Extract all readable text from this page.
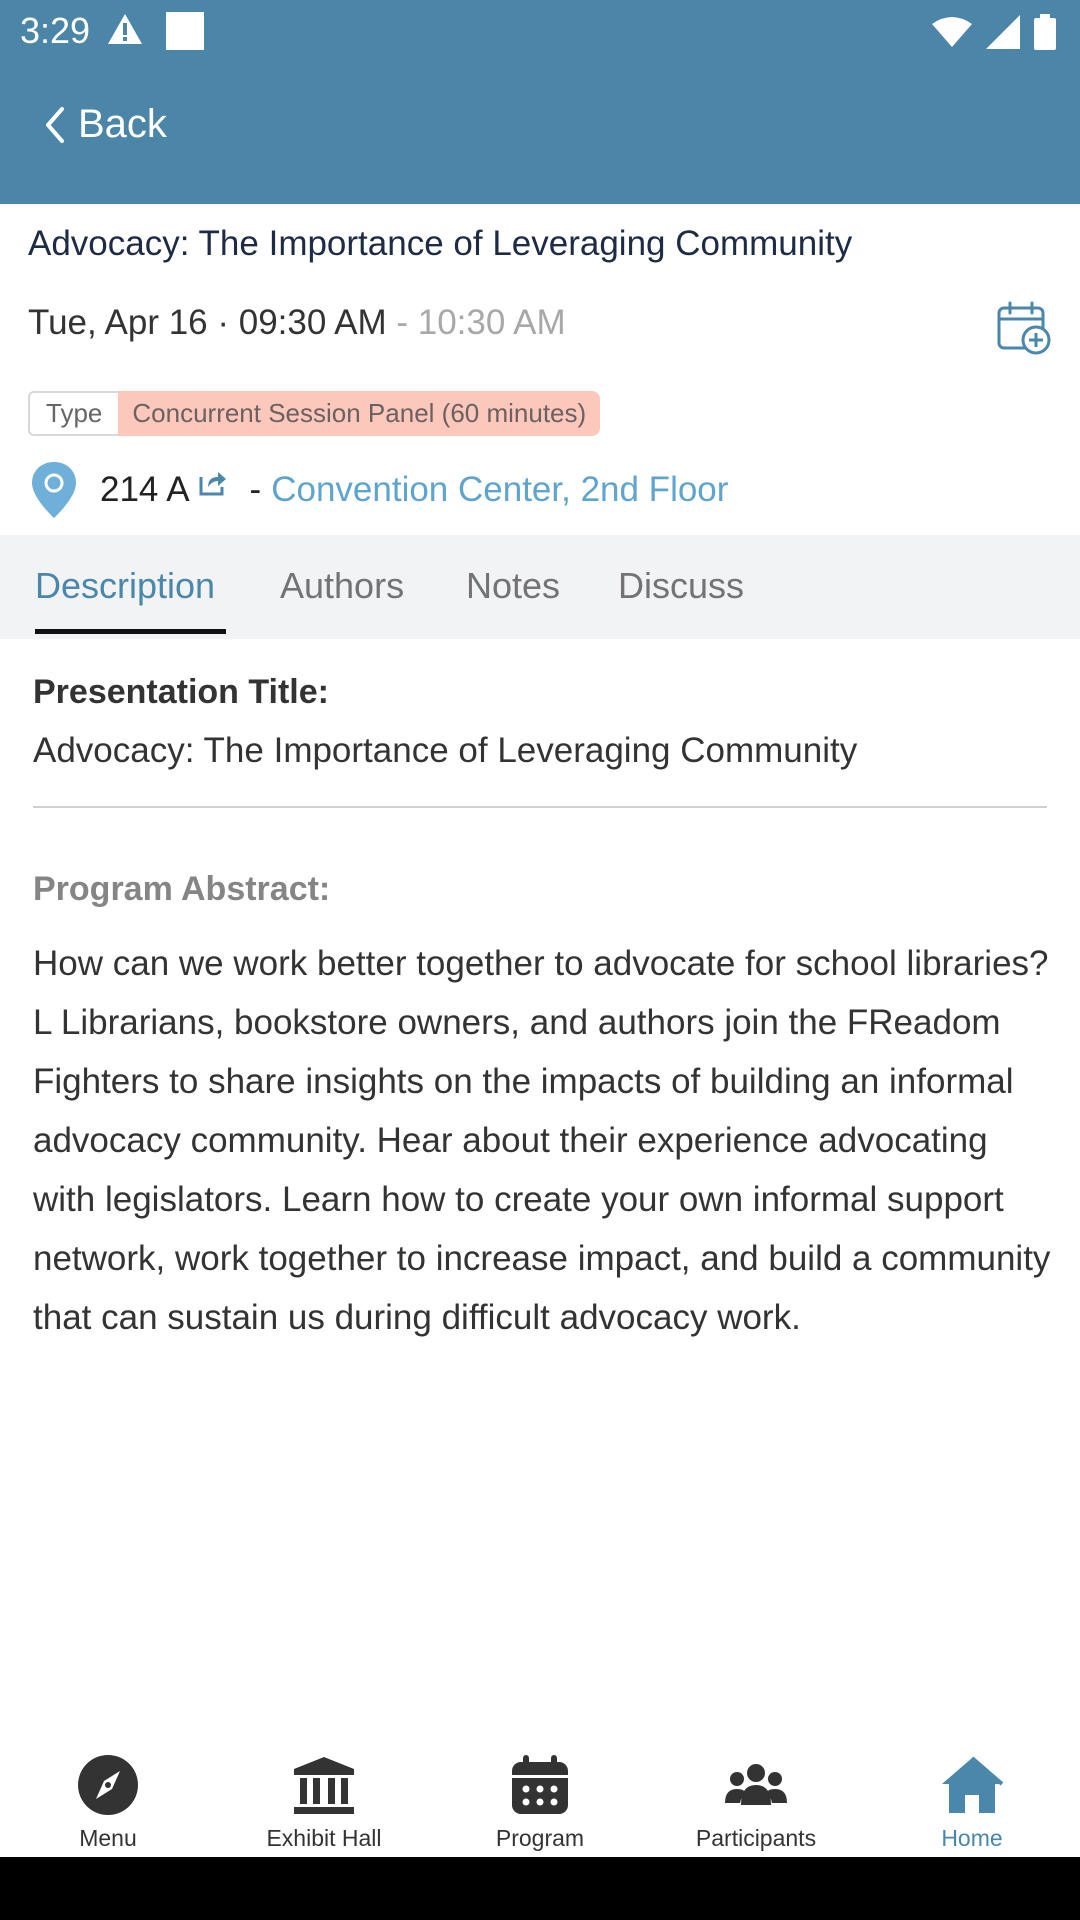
3:29
Back
Advocacy: The Importance of Leveraging Community
Tue, Apr 16 · 09:30 AM - 10:30 AM
Type	Concurrent Session Panel (60 minutes)
214 A - Convention Center, 2nd Floor
Description Authors Notes Discuss
Presentation Title:
Advocacy: The Importance of Leveraging Community
Program Abstract:
How can we work better together to advocate for school libraries? L Librarians, bookstore owners, and authors join the FReadom Fighters to share insights on the impacts of building an informal advocacy community. Hear about their experience advocating with legislators. Learn how to create your own informal support network, work together to increase impact, and build a community that can sustain us during difficult advocacy work.
Menu	Exhibit Hall	Program	Participants	Home
